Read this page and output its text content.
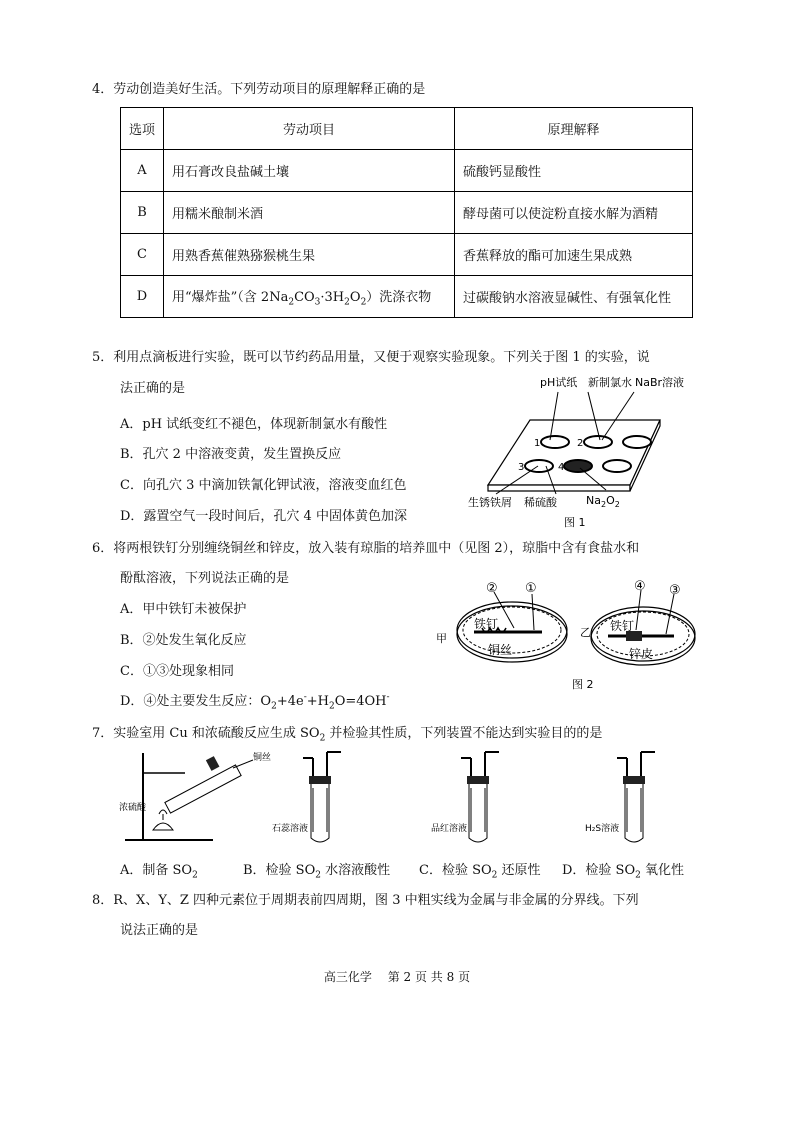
4．劳动创造美好生活。下列劳动项目的原理解释正确的是
选项	劳动项目	原理解释
A	用石膏改良盐碱土壤	硫酸钙显酸性
B	用糯米酿制米酒	酵母菌可以使淀粉直接水解为酒精
C	用熟香蕉催熟猕猴桃生果	香蕉释放的酯可加速生果成熟
D	用“爆炸盐”（含 $2Na_2CO_3\cdot 3H_2O_2$）洗涤衣物	过碳酸钠水溶液显碱性、有强氧化性
5．利用点滴板进行实验，既可以节约药品用量，又便于观察实验现象。下列关于图 1 的实验，说
法正确的是
A．pH 试纸变红不褪色，体现新制氯水有酸性
B．孔穴 2 中溶液变黄，发生置换反应
C．向孔穴 3 中滴加铁氰化钾试液，溶液变血红色
D．露置空气一段时间后，孔穴 4 中固体黄色加深
pH试纸 新制氯水 NaBr溶液
1	2
3	4
生锈铁屑 稀硫酸	$Na_2O_2$
图 1
6．将两根铁钉分别缠绕铜丝和锌皮，放入装有琼脂的培养皿中（见图 2），琼脂中含有食盐水和
酚酞溶液，下列说法正确的是
A．甲中铁钉未被保护
B．②处发生氧化反应
C．①③处现象相同
D．④处主要发生反应：$O_2+4e^-+H_2O=4OH^-$
铁钉
铜丝
② ①
甲
铁钉
锌皮
④ ③
乙
图 2
7．实验室用 Cu 和浓硫酸反应生成 $SO_2$ 并检验其性质，下列装置不能达到实验目的的是
铜丝
浓硫酸
石蕊溶液	品红溶液	H₂S溶液
A．制备 $SO_2$	B．检验 $SO_2$ 水溶液酸性 C．检验 $SO_2$ 还原性 D．检验 $SO_2$ 氧化性
8．R、X、Y、Z 四种元素位于周期表前四周期，图 3 中粗实线为金属与非金属的分界线。下列
说法正确的是
高三化学　 第 2 页 共 8 页
